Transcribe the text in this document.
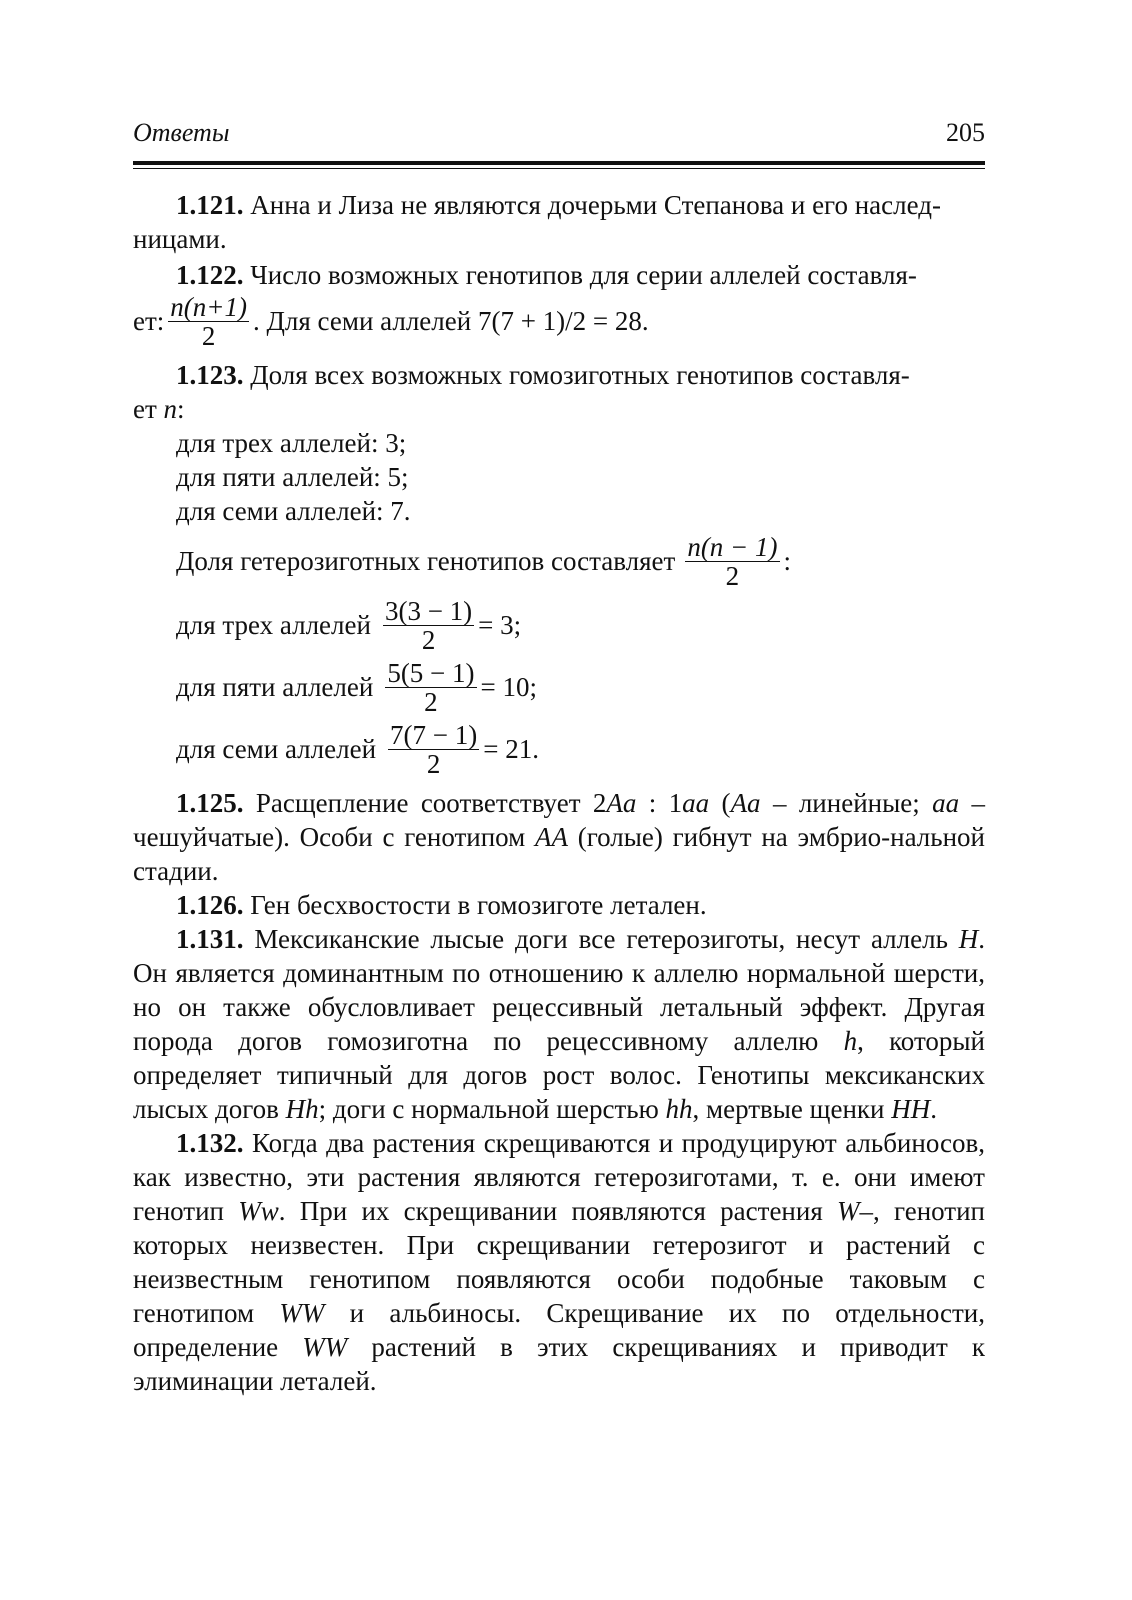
Ответы	205

1.121. Анна и Лиза не являются дочерьми Степанова и его наслед-

ницами.

1.122. Число возможных генотипов для серии аллелей составля-

ет: $\frac{n(n+1)}{2}$ . Для семи аллелей 7(7 + 1)/2 = 28.

1.123. Доля всех возможных гомозиготных генотипов составля-

ет n:

для трех аллелей: 3;
для пяти аллелей: 5;
для семи аллелей: 7.
Доля гетерозиготных генотипов составляет $\frac{n(n - 1)}{2}$ :
для трех аллелей $\frac{3(3 - 1)}{2} = 3$;
для пяти аллелей $\frac{5(5 - 1)}{2} = 10$;
для семи аллелей $\frac{7(7 - 1)}{2} = 21$.

1.125. Расщепление соответствует 2Aa : 1aa (Aa – линейные; aa – чешуйчатые). Особи с генотипом AA (голые) гибнут на эмбрио-нальной стадии.

1.126. Ген бесхвостости в гомозиготе летален.

1.131. Мексиканские лысые доги все гетерозиготы, несут аллель H. Он является доминантным по отношению к аллелю нормальной шерсти, но он также обусловливает рецессивный летальный эффект. Другая порода догов гомозиготна по рецессивному аллелю h, который определяет типичный для догов рост волос. Генотипы мексиканских лысых догов Hh; доги с нормальной шерстью hh, мертвые щенки HH.

1.132. Когда два растения скрещиваются и продуцируют альбиносов, как известно, эти растения являются гетерозиготами, т. е. они имеют генотип Ww. При их скрещивании появляются растения W–, генотип которых неизвестен. При скрещивании гетерозигот и растений с неизвестным генотипом появляются особи подобные таковым с генотипом WW и альбиносы. Скрещивание их по отдельности, определение WW растений в этих скрещиваниях и приводит к элиминации леталей.
